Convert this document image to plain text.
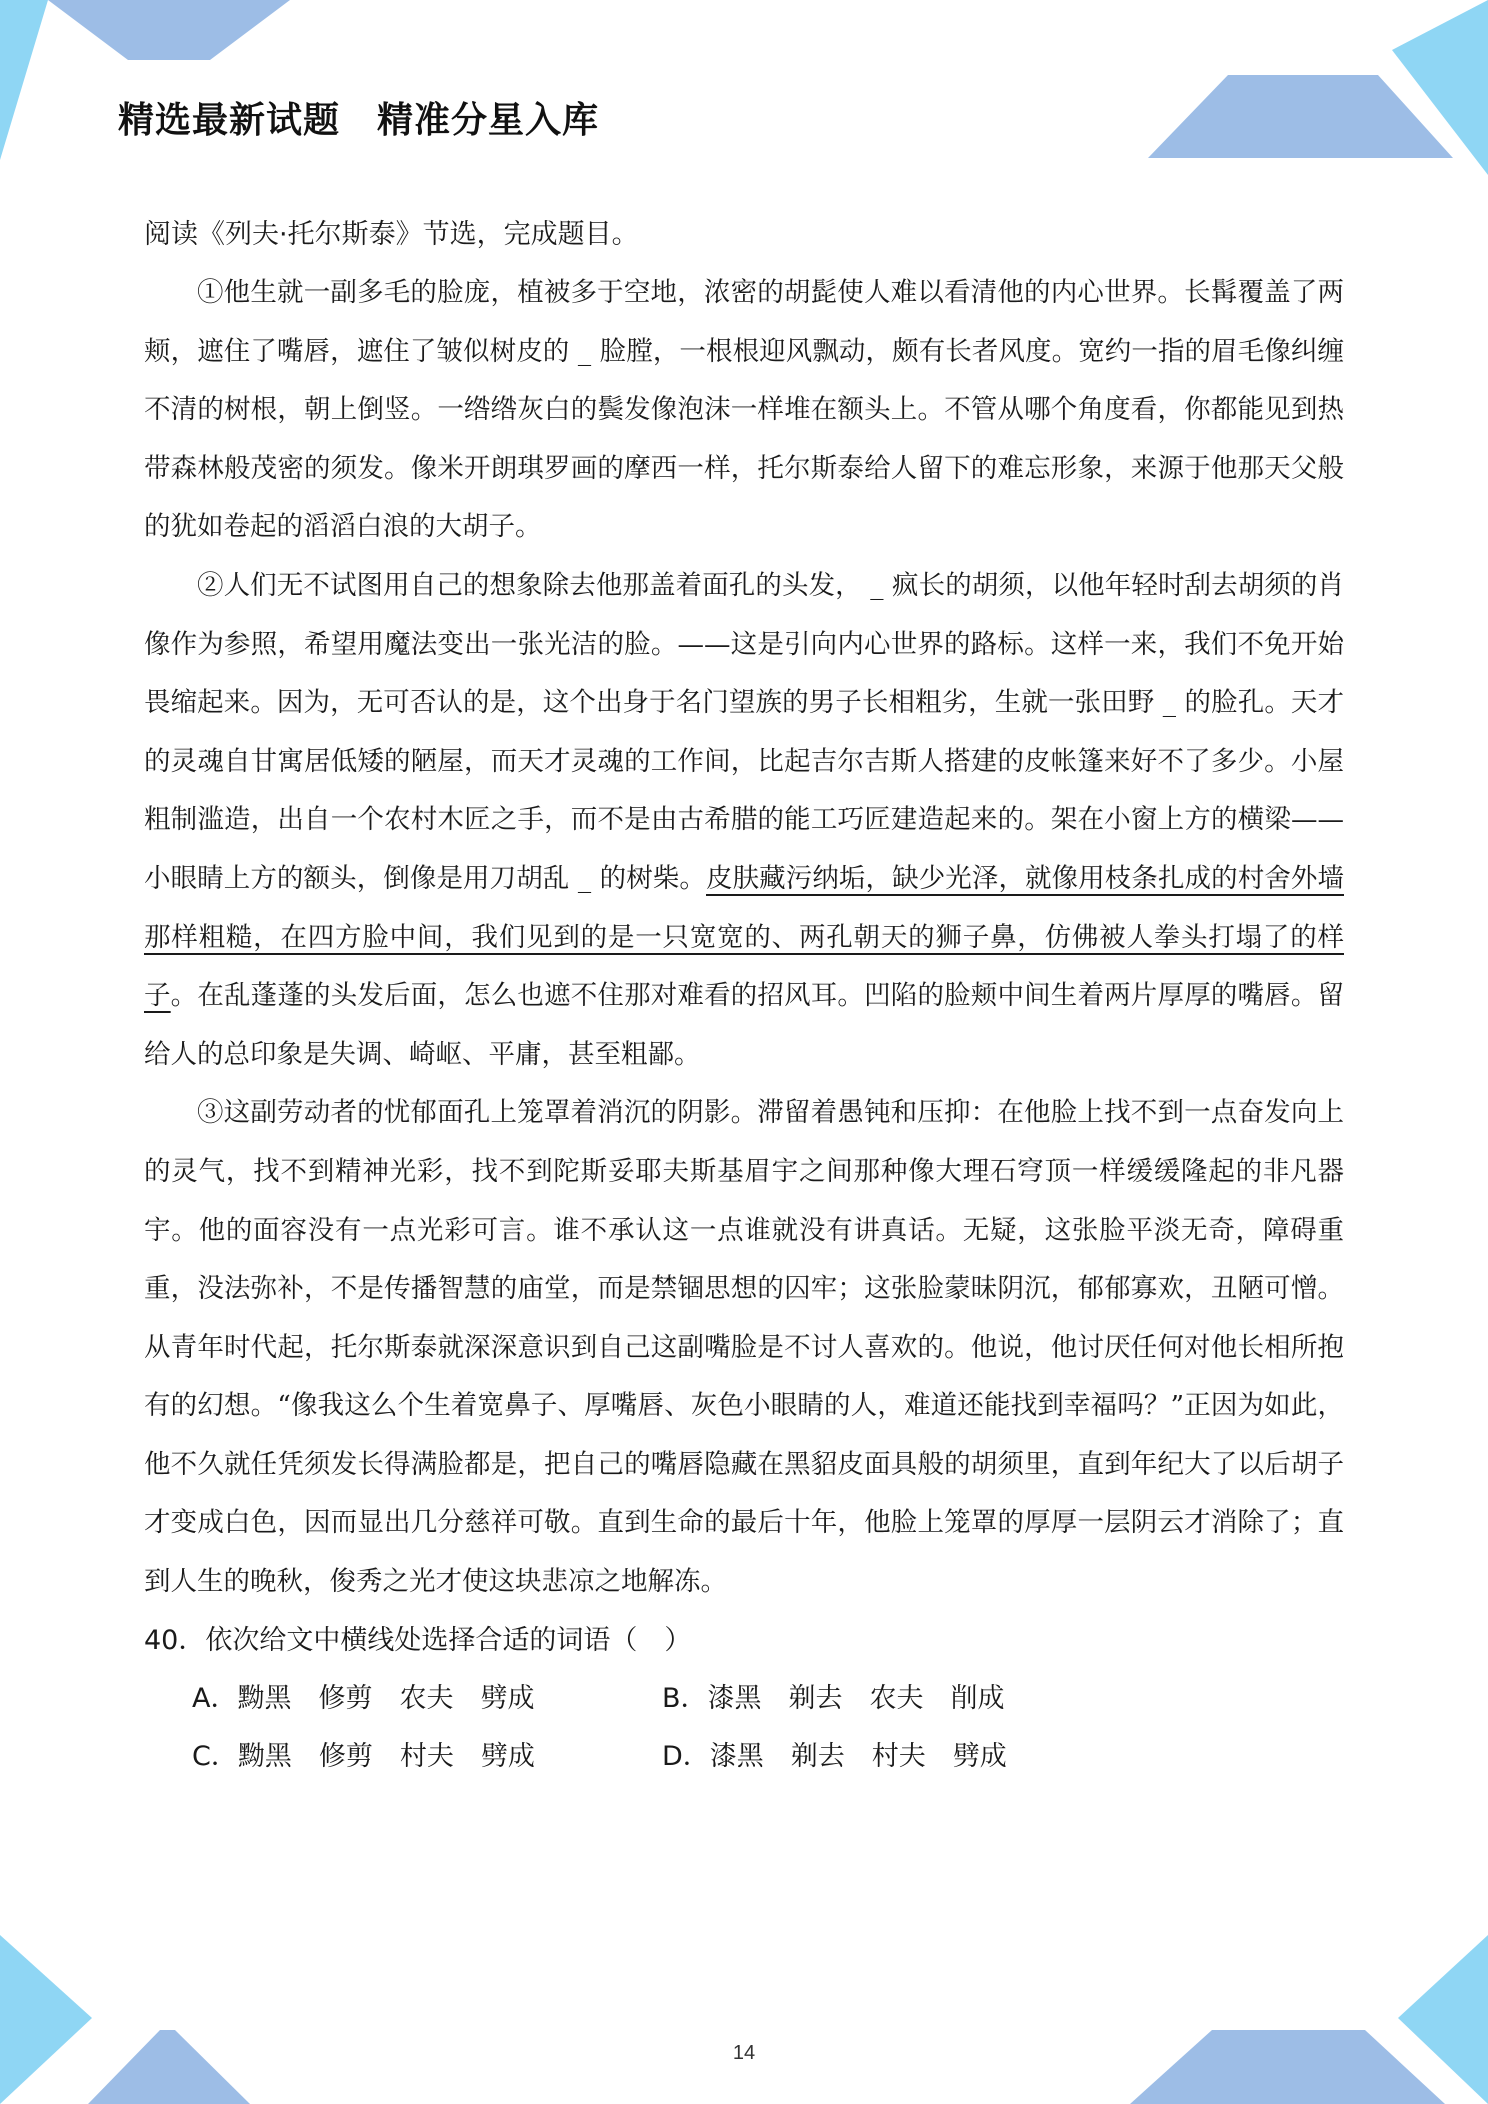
精选最新试题　精准分星入库

阅读《列夫·托尔斯泰》节选，完成题目。

①他生就一副多毛的脸庞，植被多于空地，浓密的胡髭使人难以看清他的内心世界。长髯覆盖了两颊，遮住了嘴唇，遮住了皱似树皮的 _ 脸膛，一根根迎风飘动，颇有长者风度。宽约一指的眉毛像纠缠不清的树根，朝上倒竖。一绺绺灰白的鬓发像泡沫一样堆在额头上。不管从哪个角度看，你都能见到热带森林般茂密的须发。像米开朗琪罗画的摩西一样，托尔斯泰给人留下的难忘形象，来源于他那天父般的犹如卷起的滔滔白浪的大胡子。

②人们无不试图用自己的想象除去他那盖着面孔的头发， _ 疯长的胡须，以他年轻时刮去胡须的肖像作为参照，希望用魔法变出一张光洁的脸。——这是引向内心世界的路标。这样一来，我们不免开始畏缩起来。因为，无可否认的是，这个出身于名门望族的男子长相粗劣，生就一张田野 _ 的脸孔。天才的灵魂自甘寓居低矮的陋屋，而天才灵魂的工作间，比起吉尔吉斯人搭建的皮帐篷来好不了多少。小屋粗制滥造，出自一个农村木匠之手，而不是由古希腊的能工巧匠建造起来的。架在小窗上方的横梁——小眼睛上方的额头，倒像是用刀胡乱 _ 的树柴。皮肤藏污纳垢，缺少光泽，就像用枝条扎成的村舍外墙那样粗糙，在四方脸中间，我们见到的是一只宽宽的、两孔朝天的狮子鼻，仿佛被人拳头打塌了的样子。在乱蓬蓬的头发后面，怎么也遮不住那对难看的招风耳。凹陷的脸颊中间生着两片厚厚的嘴唇。留给人的总印象是失调、崎岖、平庸，甚至粗鄙。

③这副劳动者的忧郁面孔上笼罩着消沉的阴影。滞留着愚钝和压抑：在他脸上找不到一点奋发向上的灵气，找不到精神光彩，找不到陀斯妥耶夫斯基眉宇之间那种像大理石穹顶一样缓缓隆起的非凡器宇。他的面容没有一点光彩可言。谁不承认这一点谁就没有讲真话。无疑，这张脸平淡无奇，障碍重重，没法弥补，不是传播智慧的庙堂，而是禁锢思想的囚牢；这张脸蒙昧阴沉，郁郁寡欢，丑陋可憎。从青年时代起，托尔斯泰就深深意识到自己这副嘴脸是不讨人喜欢的。他说，他讨厌任何对他长相所抱有的幻想。“像我这么个生着宽鼻子、厚嘴唇、灰色小眼睛的人，难道还能找到幸福吗？”正因为如此，他不久就任凭须发长得满脸都是，把自己的嘴唇隐藏在黑貂皮面具般的胡须里，直到年纪大了以后胡子才变成白色，因而显出几分慈祥可敬。直到生命的最后十年，他脸上笼罩的厚厚一层阴云才消除了；直到人生的晚秋，俊秀之光才使这块悲凉之地解冻。

40．依次给文中横线处选择合适的词语（　）

A．黝黑　修剪　农夫　劈成	B．漆黑　剃去　农夫　削成
C．黝黑　修剪　村夫　劈成	D．漆黑　剃去　村夫　劈成
14
